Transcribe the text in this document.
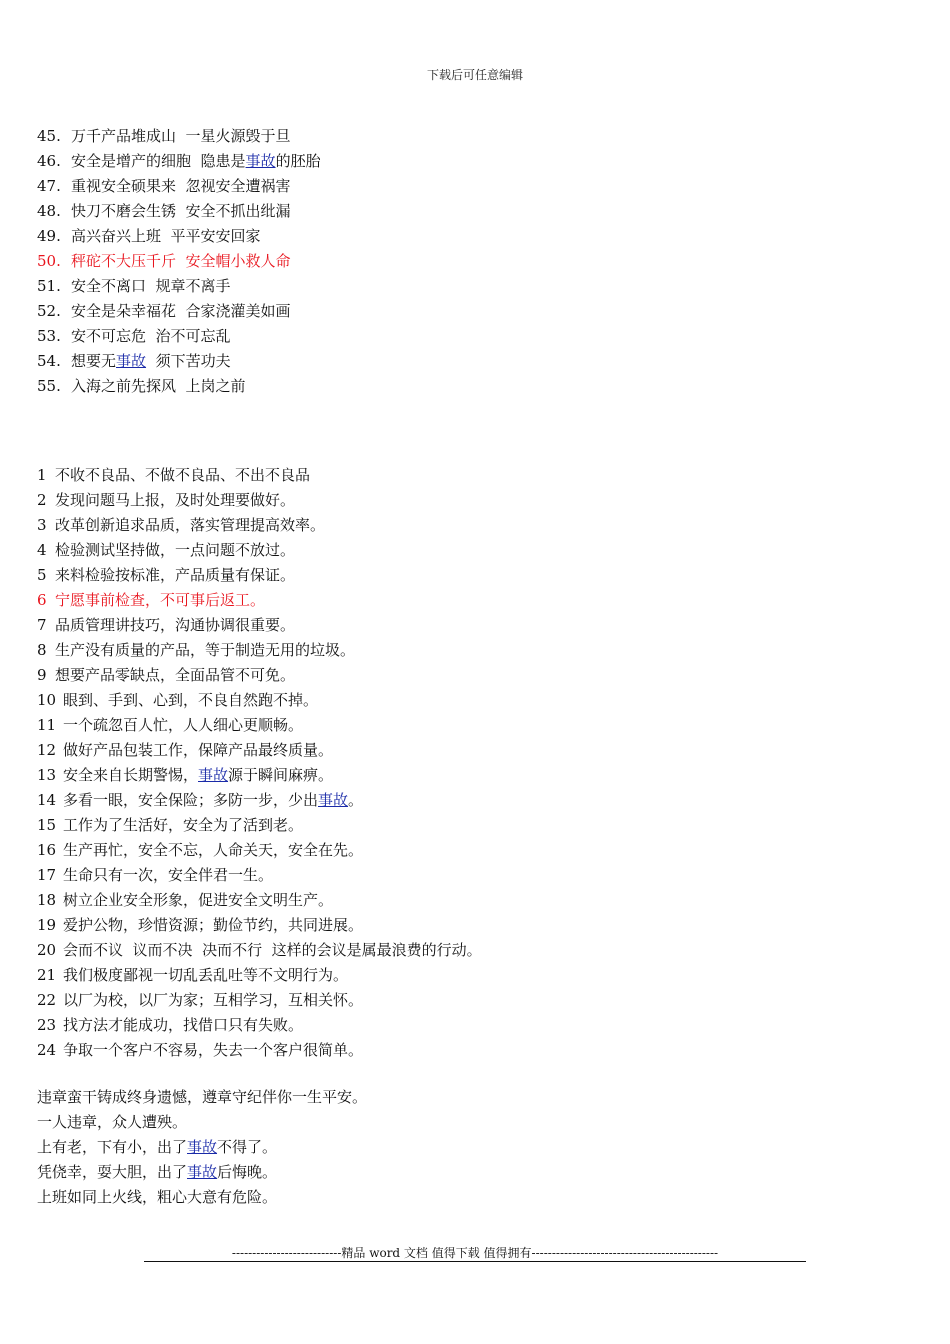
下载后可任意编辑
45. 万千产品堆成山  一星火源毁于旦
46. 安全是增产的细胞  隐患是事故的胚胎
47. 重视安全硕果来  忽视安全遭祸害
48. 快刀不磨会生锈  安全不抓出纰漏
49. 高兴奋兴上班  平平安安回家
50. 秤砣不大压千斤  安全帽小救人命
51. 安全不离口  规章不离手
52. 安全是朵幸福花  合家浇灌美如画
53. 安不可忘危  治不可忘乱
54. 想要无事故  须下苦功夫
55. 入海之前先探风  上岗之前
1 不收不良品、不做不良品、不出不良品
2 发现问题马上报，及时处理要做好。
3 改革创新追求品质，落实管理提高效率。
4 检验测试坚持做，一点问题不放过。
5 来料检验按标准，产品质量有保证。
6 宁愿事前检查，不可事后返工。
7 品质管理讲技巧，沟通协调很重要。
8 生产没有质量的产品，等于制造无用的垃圾。
9 想要产品零缺点，全面品管不可免。
10 眼到、手到、心到，不良自然跑不掉。
11 一个疏忽百人忙，人人细心更顺畅。
12 做好产品包装工作，保障产品最终质量。
13 安全来自长期警惕，事故源于瞬间麻痹。
14 多看一眼，安全保险；多防一步，少出事故。
15 工作为了生活好，安全为了活到老。
16 生产再忙，安全不忘，人命关天，安全在先。
17 生命只有一次，安全伴君一生。
18 树立企业安全形象，促进安全文明生产。
19 爱护公物，珍惜资源；勤俭节约，共同进展。
20 会而不议  议而不决  决而不行  这样的会议是属最浪费的行动。
21 我们极度鄙视一切乱丢乱吐等不文明行为。
22 以厂为校，以厂为家；互相学习，互相关怀。
23 找方法才能成功，找借口只有失败。
24 争取一个客户不容易，失去一个客户很简单。
违章蛮干铸成终身遗憾，遵章守纪伴你一生平安。
一人违章，众人遭殃。
上有老，下有小，出了事故不得了。
凭侥幸，耍大胆，出了事故后悔晚。
上班如同上火线，粗心大意有危险。
---------------------------精品 word 文档 值得下载 值得拥有----------------------------------------------
